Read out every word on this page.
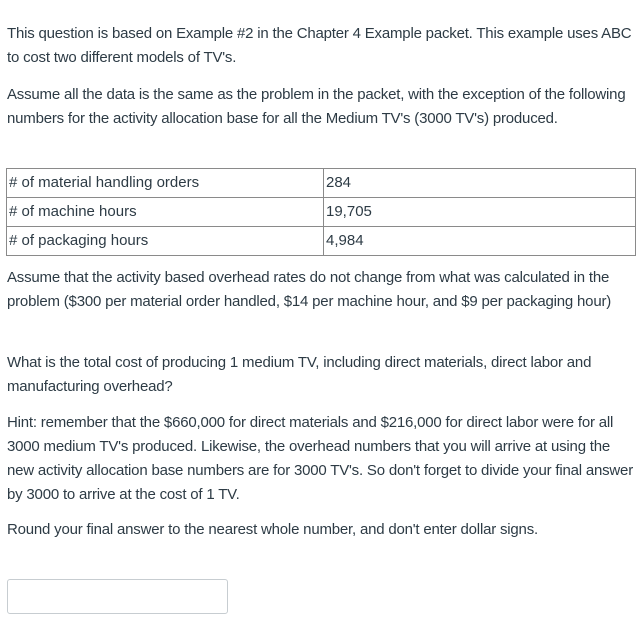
This question is based on Example #2 in the Chapter 4 Example packet. This example uses ABC to cost two different models of TV's.

Assume all the data is the same as the problem in the packet, with the exception of the following numbers for the activity allocation base for all the Medium TV's (3000 TV's) produced.

# of material handling orders	284
# of machine hours	19,705
# of packaging hours	4,984

Assume that the activity based overhead rates do not change from what was calculated in the problem ($300 per material order handled, $14 per machine hour, and $9 per packaging hour)

What is the total cost of producing 1 medium TV, including direct materials, direct labor and manufacturing overhead?

Hint: remember that the $660,000 for direct materials and $216,000 for direct labor were for all 3000 medium TV's produced. Likewise, the overhead numbers that you will arrive at using the new activity allocation base numbers are for 3000 TV's. So don't forget to divide your final answer by 3000 to arrive at the cost of 1 TV.

Round your final answer to the nearest whole number, and don't enter dollar signs.
